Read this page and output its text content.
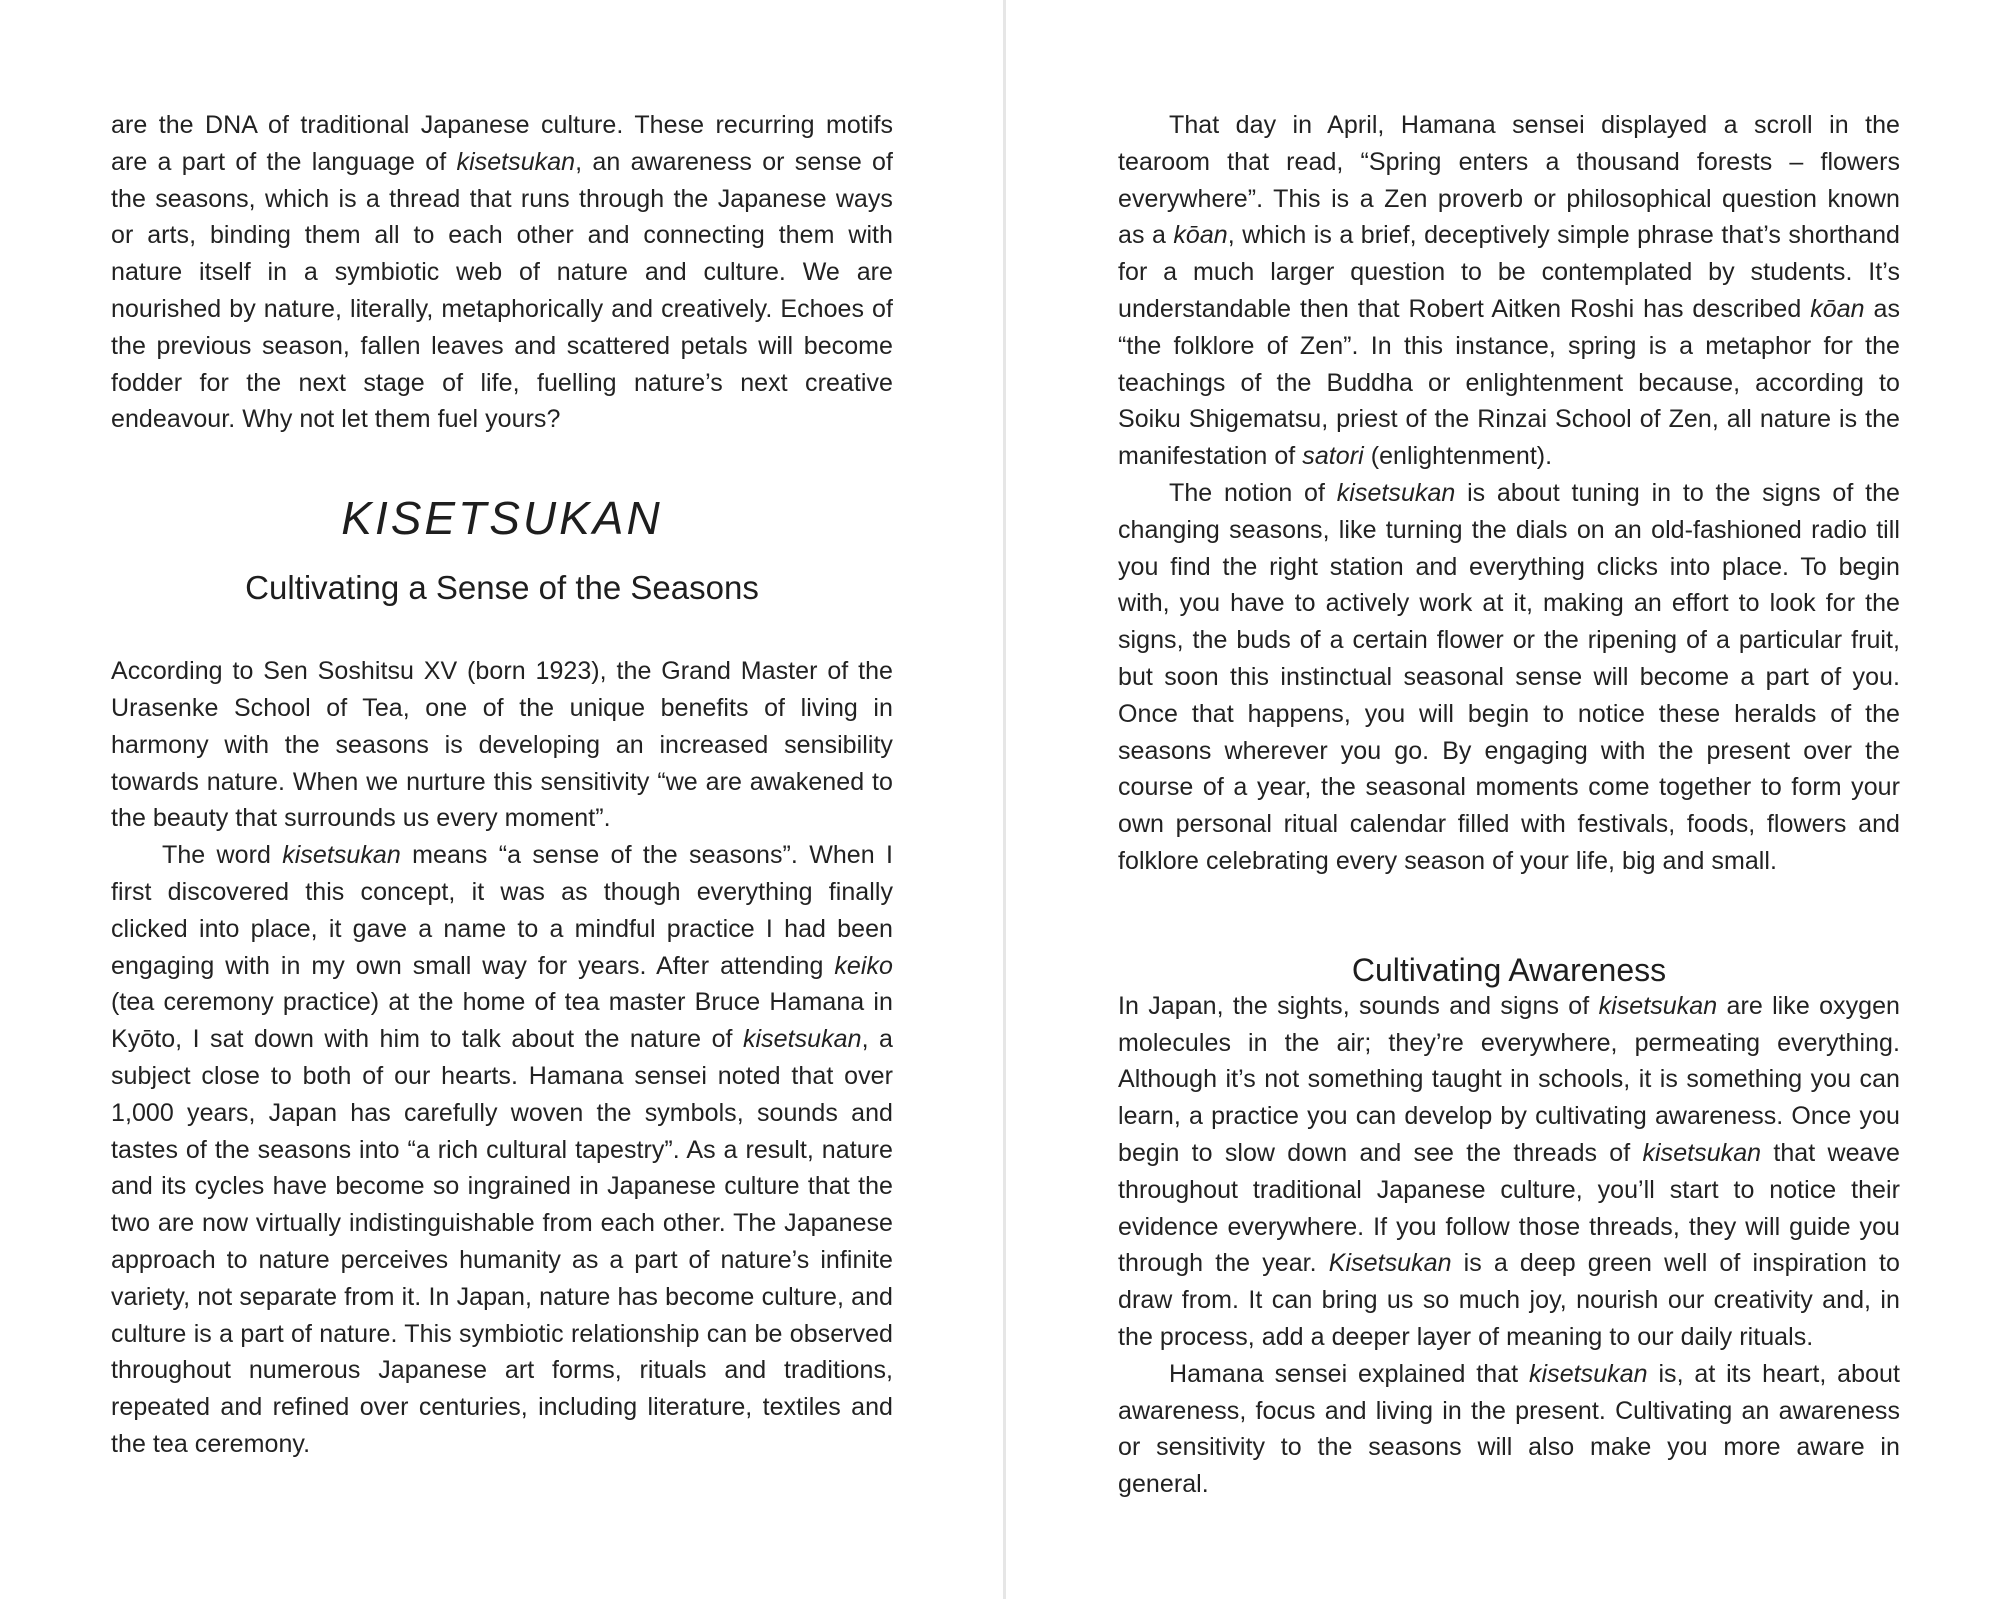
are the DNA of traditional Japanese culture. These recurring motifs are a part of the language of kisetsukan, an awareness or sense of the seasons, which is a thread that runs through the Japanese ways or arts, binding them all to each other and connecting them with nature itself in a symbiotic web of nature and culture. We are nourished by nature, literally, metaphorically and creatively. Echoes of the previous season, fallen leaves and scattered petals will become fodder for the next stage of life, fuelling nature’s next creative endeavour. Why not let them fuel yours?

KISETSUKAN
Cultivating a Sense of the Seasons

According to Sen Soshitsu XV (born 1923), the Grand Master of the Urasenke School of Tea, one of the unique benefits of living in harmony with the seasons is developing an increased sensibility towards nature. When we nurture this sensitivity “we are awakened to the beauty that surrounds us every moment”.

The word kisetsukan means “a sense of the seasons”. When I first discovered this concept, it was as though everything finally clicked into place, it gave a name to a mindful practice I had been engaging with in my own small way for years. After attending keiko (tea ceremony practice) at the home of tea master Bruce Hamana in Kyōto, I sat down with him to talk about the nature of kisetsukan, a subject close to both of our hearts. Hamana sensei noted that over 1,000 years, Japan has carefully woven the symbols, sounds and tastes of the seasons into “a rich cultural tapestry”. As a result, nature and its cycles have become so ingrained in Japanese culture that the two are now virtually indistinguishable from each other. The Japanese approach to nature perceives humanity as a part of nature’s infinite variety, not separate from it. In Japan, nature has become culture, and culture is a part of nature. This symbiotic relationship can be observed throughout numerous Japanese art forms, rituals and traditions, repeated and refined over centuries, including literature, textiles and the tea ceremony.

That day in April, Hamana sensei displayed a scroll in the tearoom that read, “Spring enters a thousand forests – flowers everywhere”. This is a Zen proverb or philosophical question known as a kōan, which is a brief, deceptively simple phrase that’s shorthand for a much larger question to be contemplated by students. It’s understandable then that Robert Aitken Roshi has described kōan as “the folklore of Zen”. In this instance, spring is a metaphor for the teachings of the Buddha or enlightenment because, according to Soiku Shigematsu, priest of the Rinzai School of Zen, all nature is the manifestation of satori (enlightenment).

The notion of kisetsukan is about tuning in to the signs of the changing seasons, like turning the dials on an old-fashioned radio till you find the right station and everything clicks into place. To begin with, you have to actively work at it, making an effort to look for the signs, the buds of a certain flower or the ripening of a particular fruit, but soon this instinctual seasonal sense will become a part of you. Once that happens, you will begin to notice these heralds of the seasons wherever you go. By engaging with the present over the course of a year, the seasonal moments come together to form your own personal ritual calendar filled with festivals, foods, flowers and folklore celebrating every season of your life, big and small.

Cultivating Awareness

In Japan, the sights, sounds and signs of kisetsukan are like oxygen molecules in the air; they’re everywhere, permeating everything. Although it’s not something taught in schools, it is something you can learn, a practice you can develop by cultivating awareness. Once you begin to slow down and see the threads of kisetsukan that weave throughout traditional Japanese culture, you’ll start to notice their evidence everywhere. If you follow those threads, they will guide you through the year. Kisetsukan is a deep green well of inspiration to draw from. It can bring us so much joy, nourish our creativity and, in the process, add a deeper layer of meaning to our daily rituals.

Hamana sensei explained that kisetsukan is, at its heart, about awareness, focus and living in the present. Cultivating an awareness or sensitivity to the seasons will also make you more aware in general.
